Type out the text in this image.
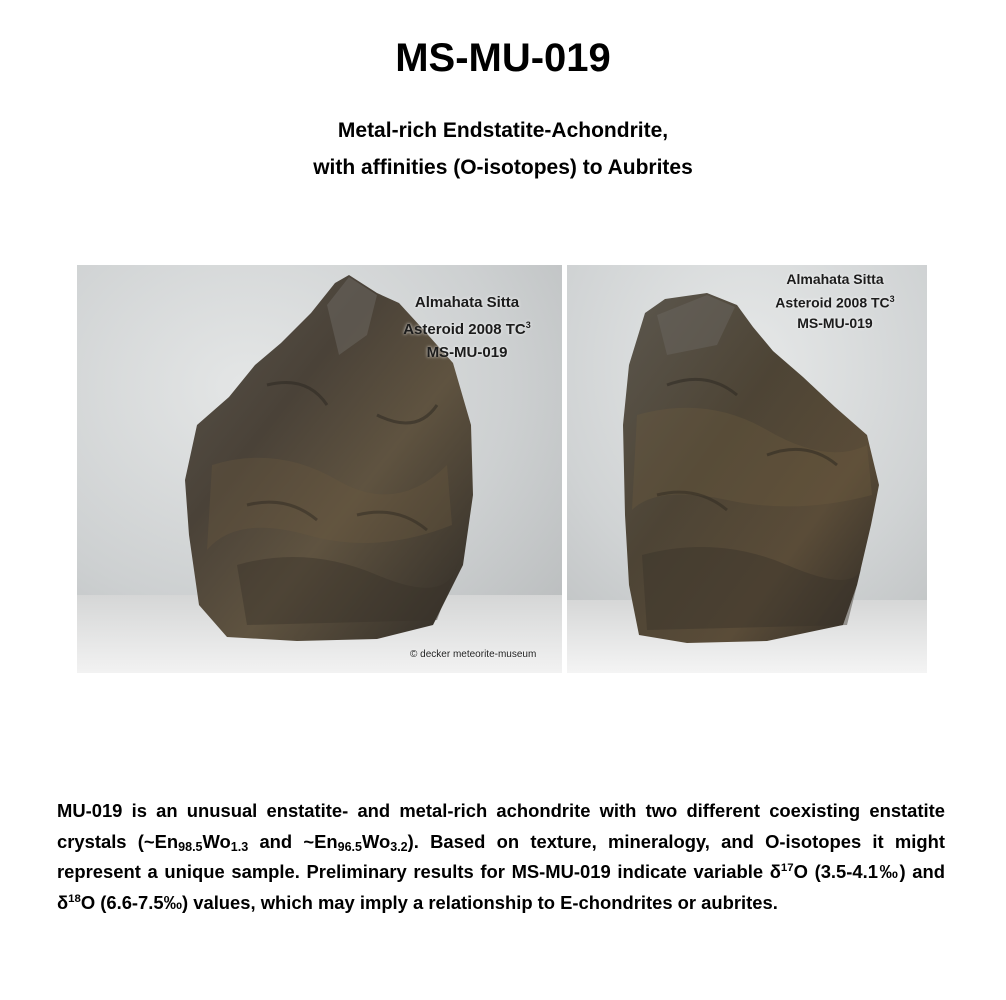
MS-MU-019
Metal-rich Endstatite-Achondrite,
with affinities (O-isotopes) to Aubrites
Almahata Sitta
Asteroid 2008 $TC^3$
MS-MU-019
© decker meteorite-museum
Almahata Sitta
Asteroid 2008 $TC^3$
MS-MU-019

MU-019 is an unusual enstatite- and metal-rich achondrite with two different coexisting enstatite crystals ($\sim En_{98.5}Wo_{1.3}$ and $\sim En_{96.5}Wo_{3.2}$). Based on texture, mineralogy, and O-isotopes it might represent a unique sample. Preliminary results for MS-MU-019 indicate variable $\delta^{17}O$ (3.5-4.1‰) and $\delta^{18}O$ (6.6-7.5‰) values, which may imply a relationship to E-chondrites or aubrites.
